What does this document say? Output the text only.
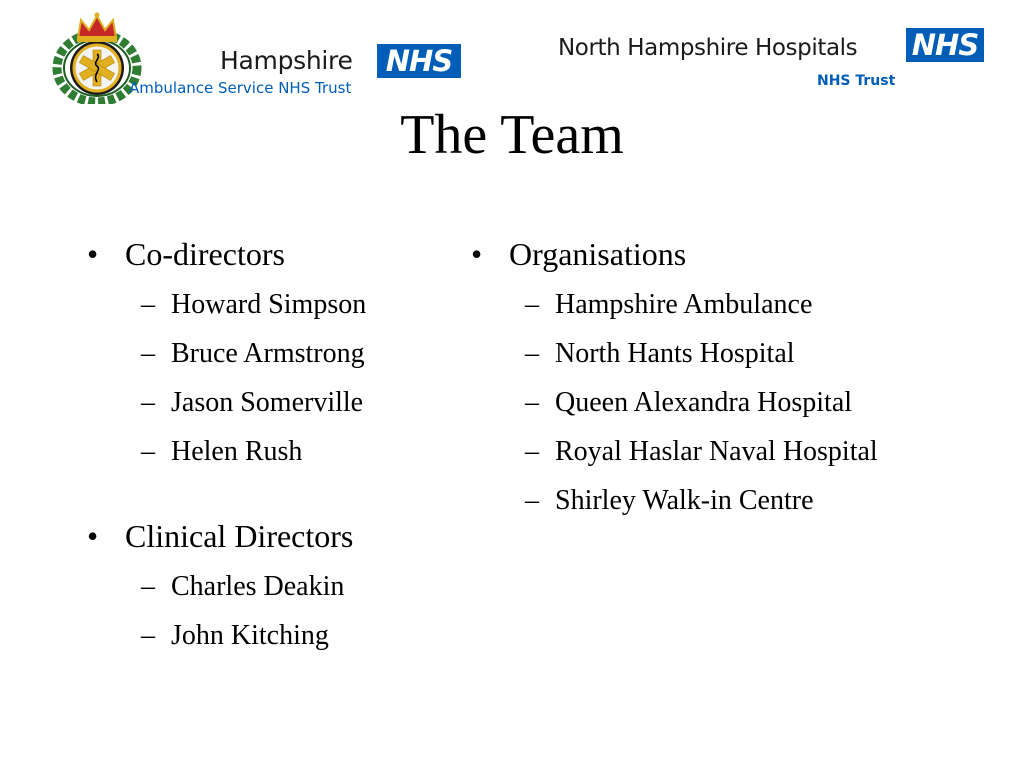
Hampshire	NHS
Ambulance Service NHS Trust
North Hampshire Hospitals NHS
NHS Trust
The Team
• Co-directors
– Howard Simpson
– Bruce Armstrong
– Jason Somerville
– Helen Rush
• Clinical Directors
– Charles Deakin
– John Kitching
• Organisations
– Hampshire Ambulance
– North Hants Hospital
– Queen Alexandra Hospital
– Royal Haslar Naval Hospital
– Shirley Walk-in Centre
